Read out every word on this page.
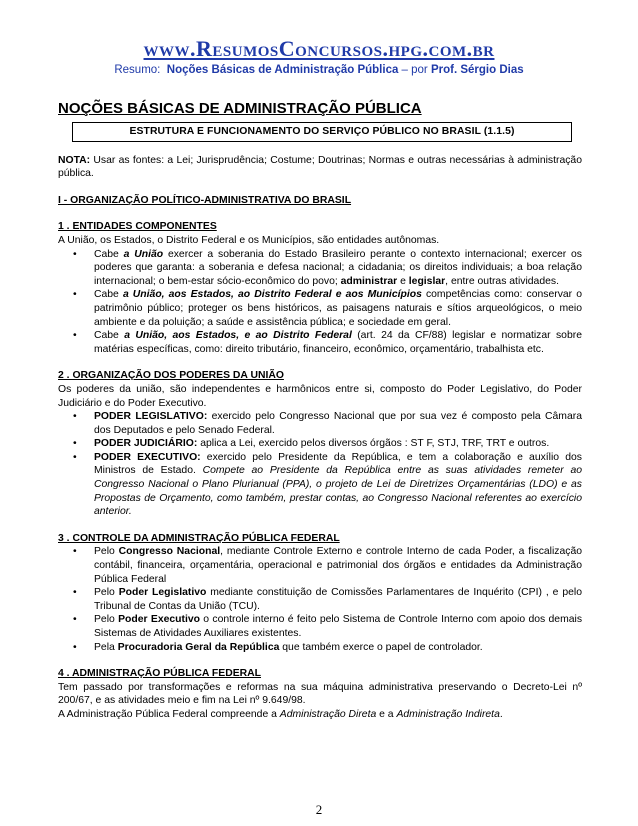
www.ResumosConcursos.hpg.com.br
Resumo: Noções Básicas de Administração Pública – por Prof. Sérgio Dias
NOÇÕES BÁSICAS DE ADMINISTRAÇÃO PÚBLICA
ESTRUTURA E FUNCIONAMENTO DO SERVIÇO PÚBLICO NO BRASIL (1.1.5)

NOTA: Usar as fontes: a Lei; Jurisprudência; Costume; Doutrinas; Normas e outras necessárias à administração pública.

I - ORGANIZAÇÃO POLÍTICO-ADMINISTRATIVA DO BRASIL

1 . ENTIDADES COMPONENTES

A União, os Estados, o Distrito Federal e os Municípios, são entidades autônomas.

• Cabe a União exercer a soberania do Estado Brasileiro perante o contexto internacional; exercer os poderes que garanta: a soberania e defesa nacional; a cidadania; os direitos individuais; a boa relação internacional; o bem-estar sócio-econômico do povo; administrar e legislar, entre outras atividades.
• Cabe a União, aos Estados, ao Distrito Federal e aos Municípios competências como: conservar o patrimônio público; proteger os bens históricos, as paisagens naturais e sítios arqueológicos, o meio ambiente e da poluição; a saúde e assistência pública; e sociedade em geral.
• Cabe a União, aos Estados, e ao Distrito Federal (art. 24 da CF/88) legislar e normatizar sobre matérias específicas, como: direito tributário, financeiro, econômico, orçamentário, trabalhista etc.

2 . ORGANIZAÇÃO DOS PODERES DA UNIÃO

Os poderes da união, são independentes e harmônicos entre si, composto do Poder Legislativo, do Poder Judiciário e do Poder Executivo.

• PODER LEGISLATIVO: exercido pelo Congresso Nacional que por sua vez é composto pela Câmara dos Deputados e pelo Senado Federal.
• PODER JUDICIÁRIO: aplica a Lei, exercido pelos diversos órgãos : ST F, STJ, TRF, TRT e outros.
• PODER EXECUTIVO: exercido pelo Presidente da República, e tem a colaboração e auxílio dos Ministros de Estado. Compete ao Presidente da República entre as suas atividades remeter ao Congresso Nacional o Plano Plurianual (PPA), o projeto de Lei de Diretrizes Orçamentárias (LDO) e as Propostas de Orçamento, como também, prestar contas, ao Congresso Nacional referentes ao exercício anterior.

3 . CONTROLE DA ADMINISTRAÇÃO PÚBLICA FEDERAL

• Pelo Congresso Nacional, mediante Controle Externo e controle Interno de cada Poder, a fiscalização contábil, financeira, orçamentária, operacional e patrimonial dos órgãos e entidades da Administração Pública Federal
• Pelo Poder Legislativo mediante constituição de Comissões Parlamentares de Inquérito (CPI) , e pelo Tribunal de Contas da União (TCU).
• Pelo Poder Executivo o controle interno é feito pelo Sistema de Controle Interno com apoio dos demais Sistemas de Atividades Auxiliares existentes.
• Pela Procuradoria Geral da República que também exerce o papel de controlador.

4 . ADMINISTRAÇÃO PÚBLICA FEDERAL

Tem passado por transformações e reformas na sua máquina administrativa preservando o Decreto-Lei nº 200/67, e as atividades meio e fim na Lei nº 9.649/98.

A Administração Pública Federal compreende a Administração Direta e a Administração Indireta.

2
